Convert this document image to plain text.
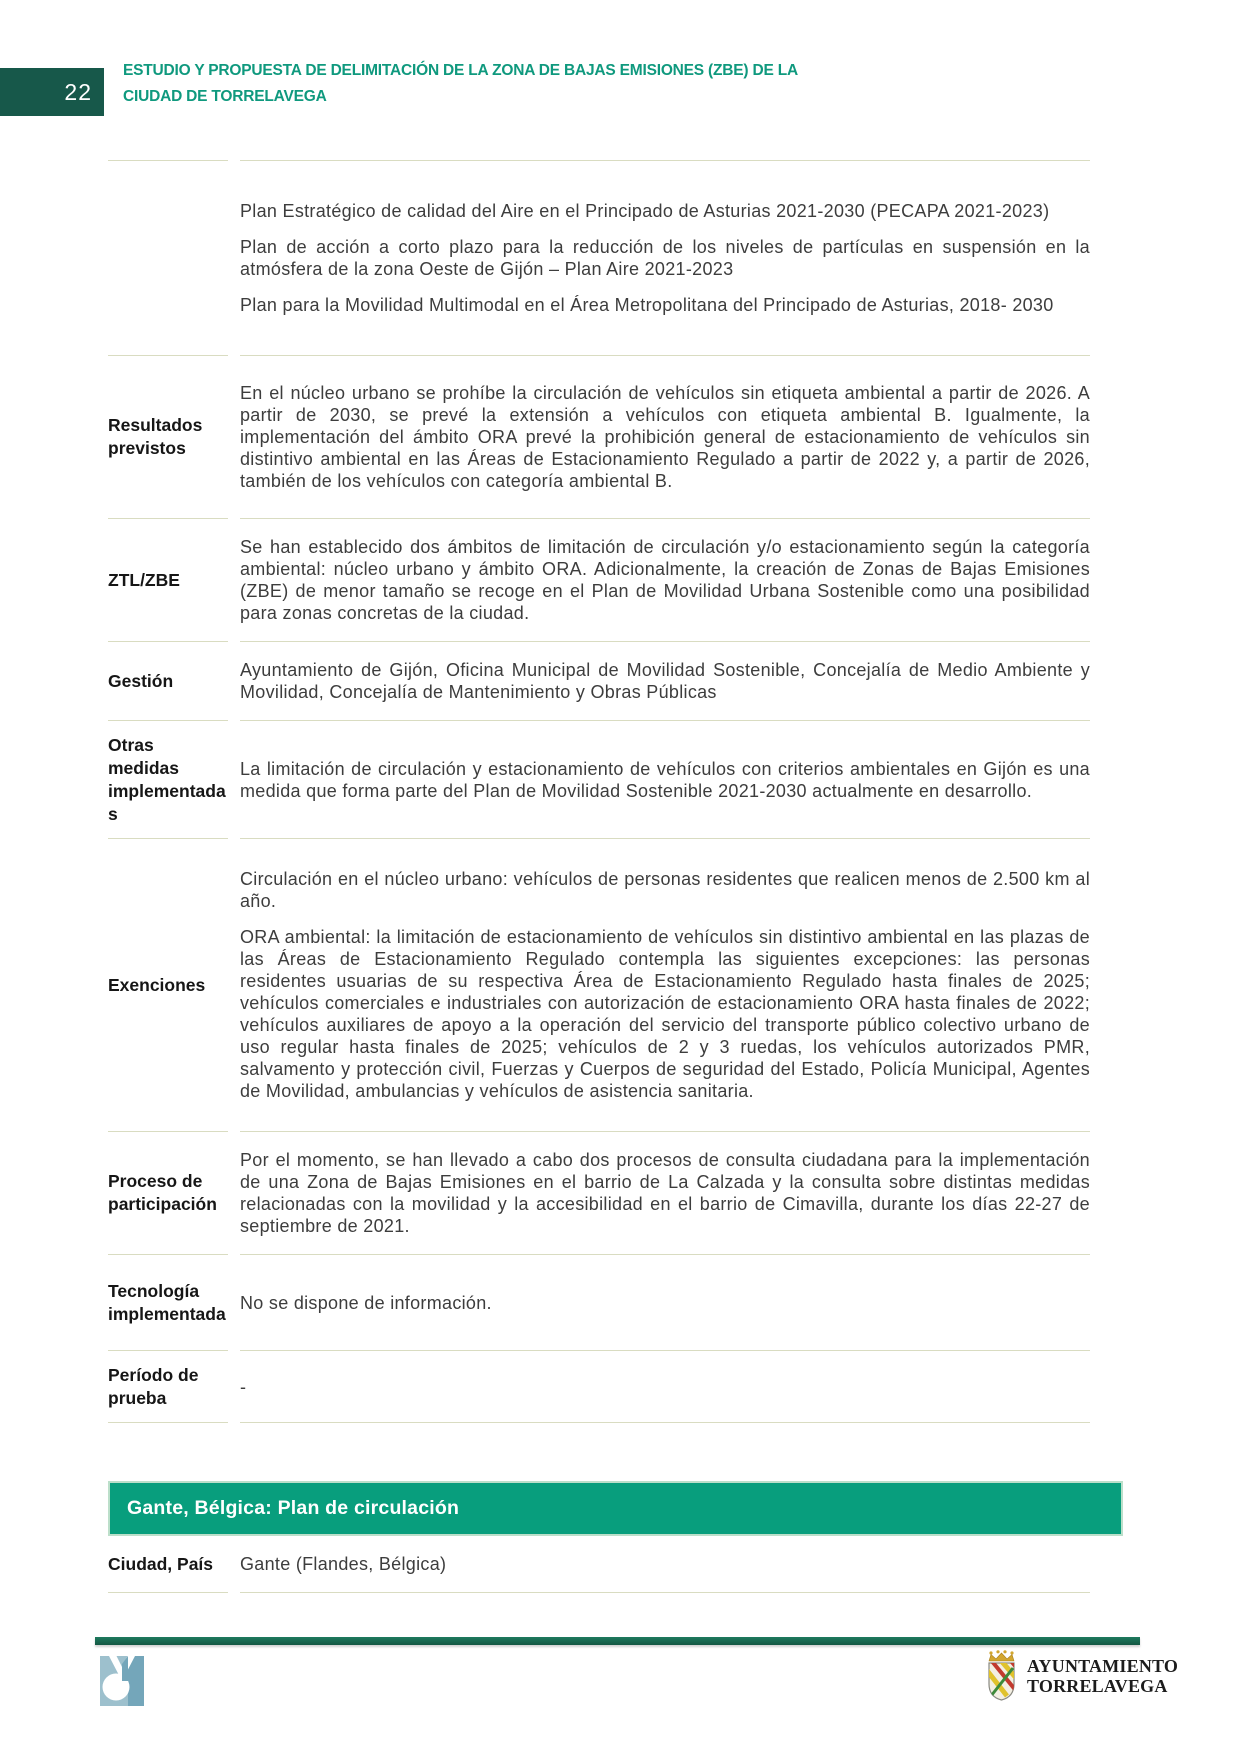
22
ESTUDIO Y PROPUESTA DE DELIMITACIÓN DE LA ZONA DE BAJAS EMISIONES (ZBE) DE LA
CIUDAD DE TORRELAVEGA

Plan Estratégico de calidad del Aire en el Principado de Asturias 2021-2030 (PECAPA 2021-2023)

Plan de acción a corto plazo para la reducción de los niveles de partículas en suspensión en la atmósfera de la zona Oeste de Gijón – Plan Aire 2021-2023

Plan para la Movilidad Multimodal en el Área Metropolitana del Principado de Asturias, 2018- 2030

Resultados previstos

En el núcleo urbano se prohíbe la circulación de vehículos sin etiqueta ambiental a partir de 2026. A partir de 2030, se prevé la extensión a vehículos con etiqueta ambiental B. Igualmente, la implementación del ámbito ORA prevé la prohibición general de estacionamiento de vehículos sin distintivo ambiental en las Áreas de Estacionamiento Regulado a partir de 2022 y, a partir de 2026, también de los vehículos con categoría ambiental B.

ZTL/ZBE

Se han establecido dos ámbitos de limitación de circulación y/o estacionamiento según la categoría ambiental: núcleo urbano y ámbito ORA. Adicionalmente, la creación de Zonas de Bajas Emisiones (ZBE) de menor tamaño se recoge en el Plan de Movilidad Urbana Sostenible como una posibilidad para zonas concretas de la ciudad.

Gestión

Ayuntamiento de Gijón, Oficina Municipal de Movilidad Sostenible, Concejalía de Medio Ambiente y Movilidad, Concejalía de Mantenimiento y Obras Públicas

Otras medidas implementadas

La limitación de circulación y estacionamiento de vehículos con criterios ambientales en Gijón es una medida que forma parte del Plan de Movilidad Sostenible 2021-2030 actualmente en desarrollo.

Exenciones

Circulación en el núcleo urbano: vehículos de personas residentes que realicen menos de 2.500 km al año.

ORA ambiental: la limitación de estacionamiento de vehículos sin distintivo ambiental en las plazas de las Áreas de Estacionamiento Regulado contempla las siguientes excepciones: las personas residentes usuarias de su respectiva Área de Estacionamiento Regulado hasta finales de 2025; vehículos comerciales e industriales con autorización de estacionamiento ORA hasta finales de 2022; vehículos auxiliares de apoyo a la operación del servicio del transporte público colectivo urbano de uso regular hasta finales de 2025; vehículos de 2 y 3 ruedas, los vehículos autorizados PMR, salvamento y protección civil, Fuerzas y Cuerpos de seguridad del Estado, Policía Municipal, Agentes de Movilidad, ambulancias y vehículos de asistencia sanitaria.

Proceso de participación

Por el momento, se han llevado a cabo dos procesos de consulta ciudadana para la implementación de una Zona de Bajas Emisiones en el barrio de La Calzada y la consulta sobre distintas medidas relacionadas con la movilidad y la accesibilidad en el barrio de Cimavilla, durante los días 22-27 de septiembre de 2021.

Tecnología implementada

No se dispone de información.

Período de prueba

-

Gante, Bélgica: Plan de circulación
Ciudad, País	Gante (Flandes, Bélgica)

AYUNTAMIENTO
TORRELAVEGA
